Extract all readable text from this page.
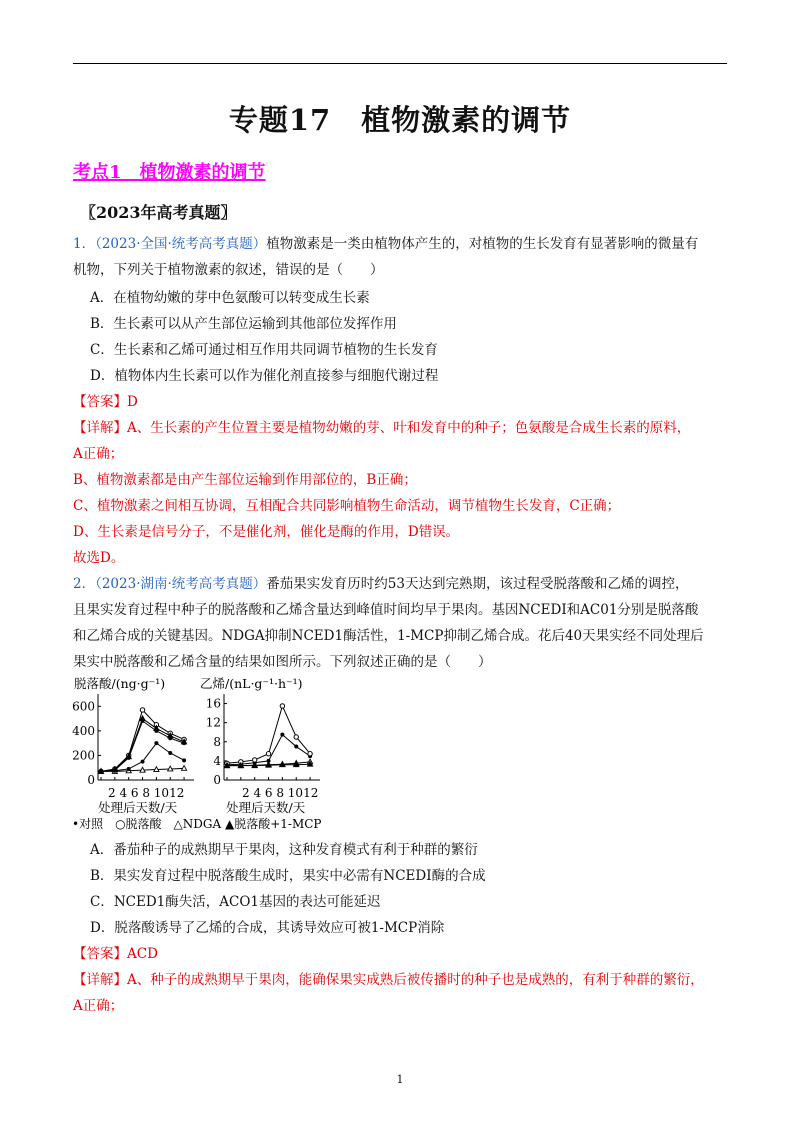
专题17　植物激素的调节
考点1　植物激素的调节
〖2023年高考真题〗
1．（2023·全国·统考高考真题）植物激素是一类由植物体产生的，对植物的生长发育有显著影响的微量有
机物，下列关于植物激素的叙述，错误的是（　　）
A．在植物幼嫩的芽中色氨酸可以转变成生长素
B．生长素可以从产生部位运输到其他部位发挥作用
C．生长素和乙烯可通过相互作用共同调节植物的生长发育
D．植物体内生长素可以作为催化剂直接参与细胞代谢过程
【答案】D
【详解】A、生长素的产生位置主要是植物幼嫩的芽、叶和发育中的种子；色氨酸是合成生长素的原料，
A正确；
B、植物激素都是由产生部位运输到作用部位的，B正确；
C、植物激素之间相互协调，互相配合共同影响植物生命活动，调节植物生长发育，C正确；
D、生长素是信号分子，不是催化剂，催化是酶的作用，D错误。
故选D。
2．（2023·湖南·统考高考真题）番茄果实发育历时约53天达到完熟期，该过程受脱落酸和乙烯的调控，
且果实发育过程中种子的脱落酸和乙烯含量达到峰值时间均早于果肉。基因NCEDI和AC01分别是脱落酸
和乙烯合成的关键基因。NDGA抑制NCED1酶活性，1-MCP抑制乙烯合成。花后40天果实经不同处理后
果实中脱落酸和乙烯含量的结果如图所示。下列叙述正确的是（　　）
脱落酸/(ng·g⁻¹)	乙烯/(nL·g⁻¹·h⁻¹)
0
200
400
600
0
4
8
12
16
2 4 6 8 1012	2 4 6 8 1012
处理后天数/天	处理后天数/天
•对照　○脱落酸　△NDGA ▲脱落酸+1-MCP
A．番茄种子的成熟期早于果肉，这种发育模式有利于种群的繁衍
B．果实发育过程中脱落酸生成时，果实中必需有NCEDI酶的合成
C．NCED1酶失活，ACO1基因的表达可能延迟
D．脱落酸诱导了乙烯的合成，其诱导效应可被1-MCP消除
【答案】ACD
【详解】A、种子的成熟期早于果肉，能确保果实成熟后被传播时的种子也是成熟的，有利于种群的繁衍，
A正确；
1
